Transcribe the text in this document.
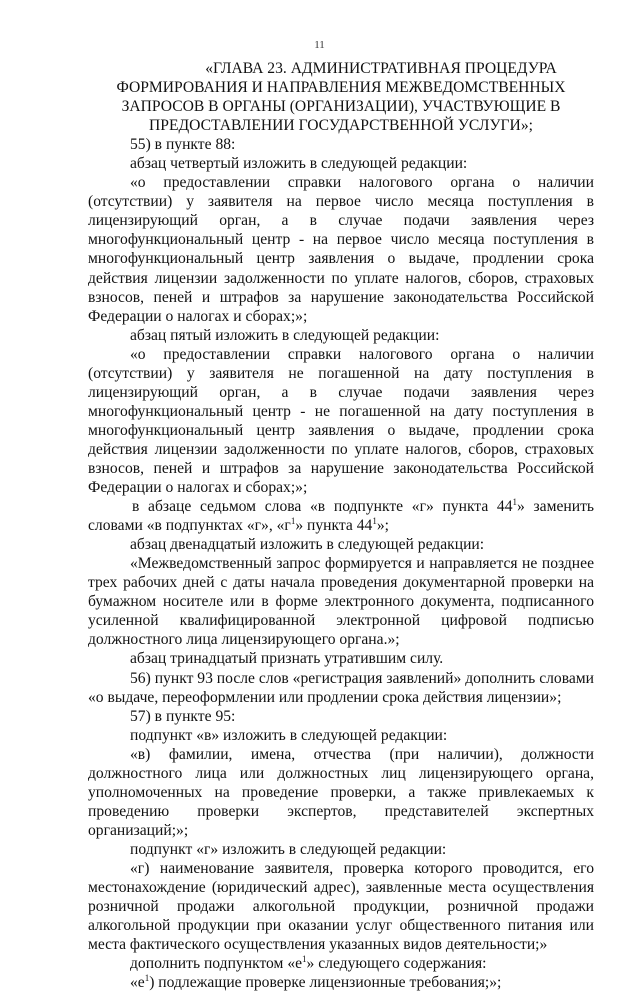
11

«ГЛАВА 23. АДМИНИСТРАТИВНАЯ ПРОЦЕДУРА ФОРМИРОВАНИЯ И НАПРАВЛЕНИЯ МЕЖВЕДОМСТВЕННЫХ ЗАПРОСОВ В ОРГАНЫ (ОРГАНИЗАЦИИ), УЧАСТВУЮЩИЕ В ПРЕДОСТАВЛЕНИИ ГОСУДАРСТВЕННОЙ УСЛУГИ»;

55) в пункте 88:

абзац четвертый изложить в следующей редакции:

«о предоставлении справки налогового органа о наличии (отсутствии) у заявителя на первое число месяца поступления в лицензирующий орган, а в случае подачи заявления через многофункциональный центр - на первое число месяца поступления в многофункциональный центр заявления о выдаче, продлении срока действия лицензии задолженности по уплате налогов, сборов, страховых взносов, пеней и штрафов за нарушение законодательства Российской Федерации о налогах и сборах;»;

абзац пятый изложить в следующей редакции:

«о предоставлении справки налогового органа о наличии (отсутствии) у заявителя не погашенной на дату поступления в лицензирующий орган, а в случае подачи заявления через многофункциональный центр - не погашенной на дату поступления в многофункциональный центр заявления о выдаче, продлении срока действия лицензии задолженности по уплате налогов, сборов, страховых взносов, пеней и штрафов за нарушение законодательства Российской Федерации о налогах и сборах;»;

в абзаце седьмом слова «в подпункте «г» пункта $44^1$» заменить словами «в подпунктах «г», «$г^1$» пункта $44^1$»;

абзац двенадцатый изложить в следующей редакции:

«Межведомственный запрос формируется и направляется не позднее трех рабочих дней с даты начала проведения документарной проверки на бумажном носителе или в форме электронного документа, подписанного усиленной квалифицированной электронной цифровой подписью должностного лица лицензирующего органа.»;

абзац тринадцатый признать утратившим силу.

56) пункт 93 после слов «регистрация заявлений» дополнить словами «о выдаче, переоформлении или продлении срока действия лицензии»;

57) в пункте 95:

подпункт «в» изложить в следующей редакции:

«в) фамилии, имена, отчества (при наличии), должности должностного лица или должностных лиц лицензирующего органа, уполномоченных на проведение проверки, а также привлекаемых к проведению проверки экспертов, представителей экспертных организаций;»;

подпункт «г» изложить в следующей редакции:

«г) наименование заявителя, проверка которого проводится, его местонахождение (юридический адрес), заявленные места осуществления розничной продажи алкогольной продукции, розничной продажи алкогольной продукции при оказании услуг общественного питания или места фактического осуществления указанных видов деятельности;»

дополнить подпунктом «$е^1$» следующего содержания:

«$е^1$) подлежащие проверке лицензионные требования;»;
